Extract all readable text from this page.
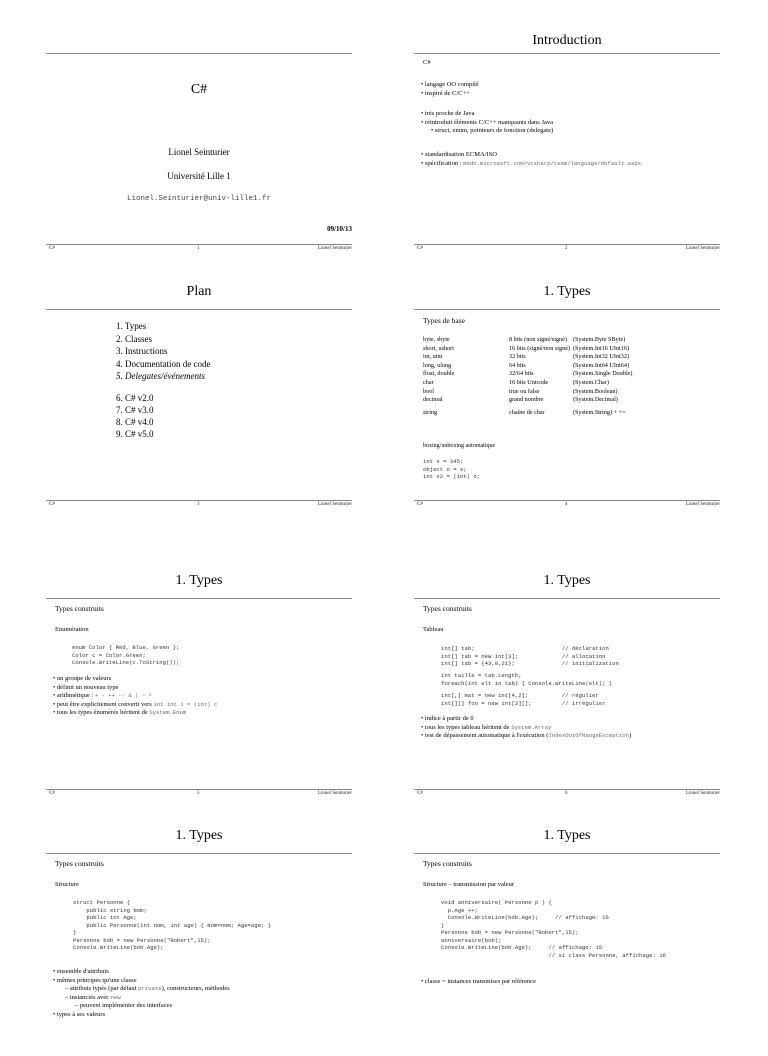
C#
Lionel Seinturier
Université Lille 1
Lionel.Seinturier@univ-lille1.fr
09/10/13
C#	1	Lionel Seinturier
Introduction
C#
• langage OO compilé
• inspiré de C/C++
• très proche de Java
• réintroduit éléments C/C++ manquants dans Java
• struct, enum, pointeurs de fonction (delegate)
• standardisation ECMA/ISO
• spécification : msdn.microsoft.com/vcsharp/team/language/default.aspx
C#	2	Lionel Seinturier
Plan
1. Types
2. Classes
3. Instructions
4. Documentation de code
5. Delegates/événements
6. C# v2.0
7. C# v3.0
8. C# v4.0
9. C# v5.0
C#	3	Lionel Seinturier
1. Types
Types de base
byte, sbyte	8 bits (non signé/signé) (System.Byte SByte)
short, ushort	16 bits (signé/non signé) (System.Int16 UInt16)
int, uint	32 bits	(System.Int32 UInt32)
long, ulong	64 bits	(System.Int64 UInt64)
float, double	32/64 bits	(System.Single Double)
char	16 bits Unicode	(System.Char)
bool	true ou false	(System.Boolean)
decimal	grand nombre	(System.Decimal)
string	chaîne de char	(System.String) + +=
boxing/unboxing automatique
int x = 345;
object o = x;
int x2 = (int) o;
C#	4	Lionel Seinturier
1. Types
Types construits
Enumération
enum Color { Red, Blue, Green };
Color c = Color.Green;
Console.WriteLine(c.ToString());
• un groupe de valeurs
• définit un nouveau type
• arithmétique : + - ++ -- & | ~ ^
• peut être explicitement converti vers int int i = (int) c
• tous les types énumérés héritent de System.Enum
C#	5	Lionel Seinturier
1. Types
Types construits
Tableau
int[] tab;                          // déclaration
int[] tab = new int[3];             // allocation
int[] tab = {43,8,21};              // initialization
int taille = tab.Length;
foreach(int elt in tab) { Console.WriteLine(elt); }
int[,] mat = new int[4,2];          // régulier
int[][] foo = new int[2][];         // irrégulier
• indice à partir de 0
• tous les types tableau héritent de System.Array
• test de dépassement automatique à l'exécution (IndexOutOfRangeException)
C#	6	Lionel Seinturier
1. Types
Types construits
Structure
struct Personne {
public string Nom;
public int Age;
public Personne(int nom, int age) { Nom=nom; Age=age; }
}
Personne bob = new Personne("Robert",15);
Console.WriteLine(bob.Age);
• ensemble d'attributs
• mêmes principes qu'une classe
– attributs typés (par défaut private), constructeurs, méthodes
– instanciés avec new
– peuvent implémenter des interfaces
• types à ses valeurs
1. Types
Types construits
Structure – transmission par valeur
void anniversaire( Personne p ) {
p.Age ++;
Console.WriteLine(bob.Age);     // affichage: 16
}
Personne bob = new Personne("Robert",15);
anniversaire(bob);
Console.WriteLine(bob.Age);     // affichage: 15
// si class Personne, affichage: 16
• classe = instances transmises par référence
